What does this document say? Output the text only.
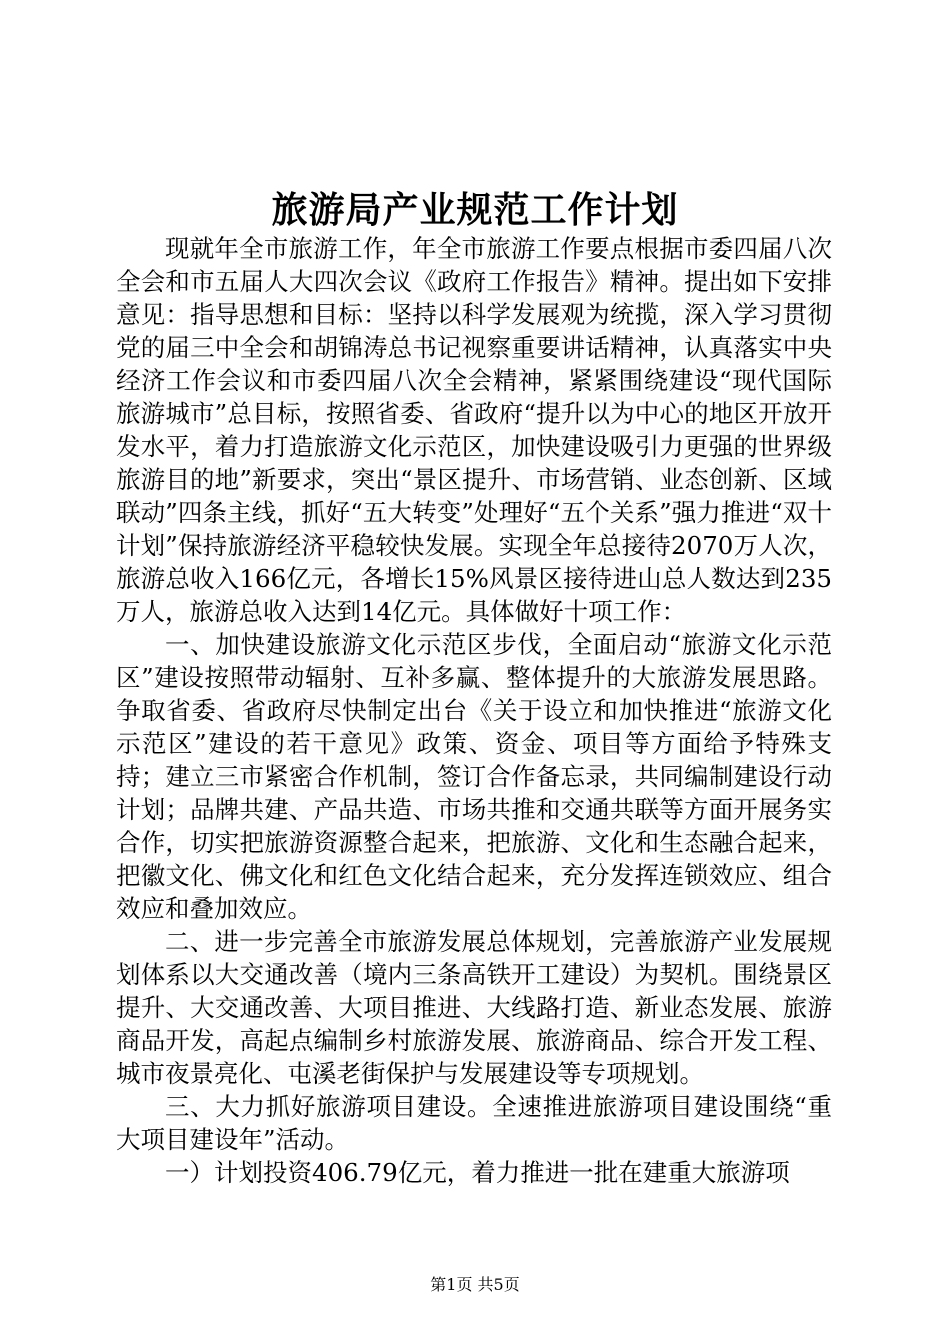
旅游局产业规范工作计划

现就年全市旅游工作，年全市旅游工作要点根据市委四届八次全会和市五届人大四次会议《政府工作报告》精神。提出如下安排意见：指导思想和目标：坚持以科学发展观为统揽，深入学习贯彻党的届三中全会和胡锦涛总书记视察重要讲话精神，认真落实中央经济工作会议和市委四届八次全会精神，紧紧围绕建设“现代国际旅游城市”总目标，按照省委、省政府“提升以为中心的地区开放开发水平，着力打造旅游文化示范区，加快建设吸引力更强的世界级旅游目的地”新要求，突出“景区提升、市场营销、业态创新、区域联动”四条主线，抓好“五大转变”处理好“五个关系”强力推进“双十计划”保持旅游经济平稳较快发展。实现全年总接待2070万人次，旅游总收入166亿元，各增长15%风景区接待进山总人数达到235万人，旅游总收入达到14亿元。具体做好十项工作：

一、加快建设旅游文化示范区步伐，全面启动“旅游文化示范区”建设按照带动辐射、互补多赢、整体提升的大旅游发展思路。争取省委、省政府尽快制定出台《关于设立和加快推进“旅游文化示范区”建设的若干意见》政策、资金、项目等方面给予特殊支持；建立三市紧密合作机制，签订合作备忘录，共同编制建设行动计划；品牌共建、产品共造、市场共推和交通共联等方面开展务实合作，切实把旅游资源整合起来，把旅游、文化和生态融合起来，把徽文化、佛文化和红色文化结合起来，充分发挥连锁效应、组合效应和叠加效应。

二、进一步完善全市旅游发展总体规划，完善旅游产业发展规划体系以大交通改善（境内三条高铁开工建设）为契机。围绕景区提升、大交通改善、大项目推进、大线路打造、新业态发展、旅游商品开发，高起点编制乡村旅游发展、旅游商品、综合开发工程、城市夜景亮化、屯溪老街保护与发展建设等专项规划。

三、大力抓好旅游项目建设。全速推进旅游项目建设围绕“重大项目建设年”活动。

一）计划投资406.79亿元，着力推进一批在建重大旅游项

第1页 共5页
